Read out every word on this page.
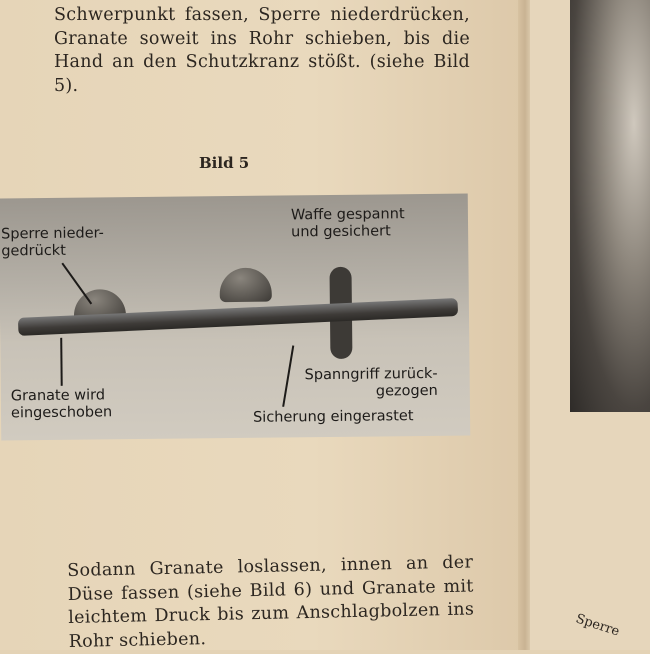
Schwerpunkt fassen, Sperre niederdrücken, Granate soweit ins Rohr schieben, bis die Hand an den Schutzkranz stößt. (siehe Bild 5).
Bild 5
Sperre nieder-
gedrückt
Waffe gespannt
und gesichert
Granate wird
eingeschoben
Spanngriff zurück-
gezogen
Sicherung eingerastet
Sodann Granate loslassen, innen an der Düse fassen (siehe Bild 6) und Granate mit leichtem Druck bis zum Anschlagbolzen ins Rohr schieben.
Sperre
